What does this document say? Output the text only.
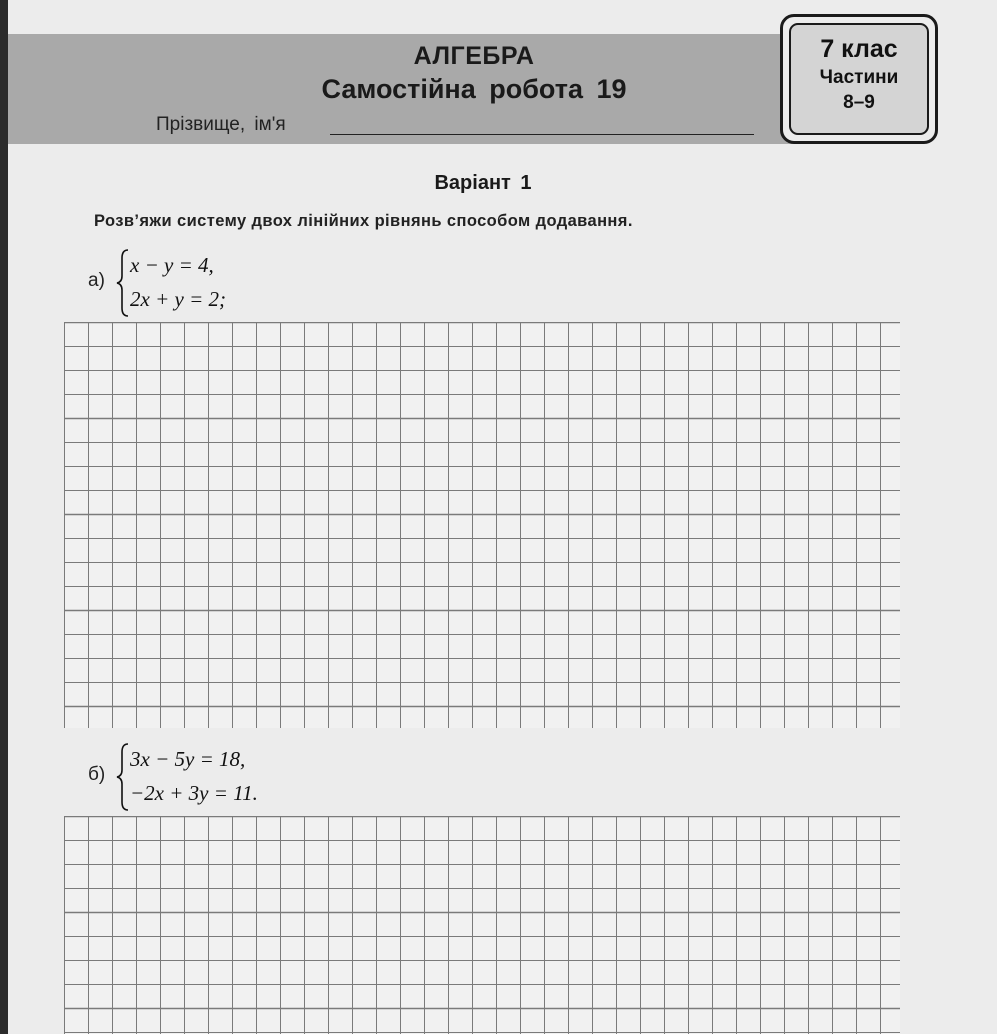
АЛГЕБРА
Самостійна робота 19
Прізвище, ім'я
7 клас
Частини
8–9
Варіант 1
Розв’яжи систему двох лінійних рівнянь способом додавання.
а)
x − y = 4,
2x + y = 2;
б)
3x − 5y = 18,
−2x + 3y = 11.
